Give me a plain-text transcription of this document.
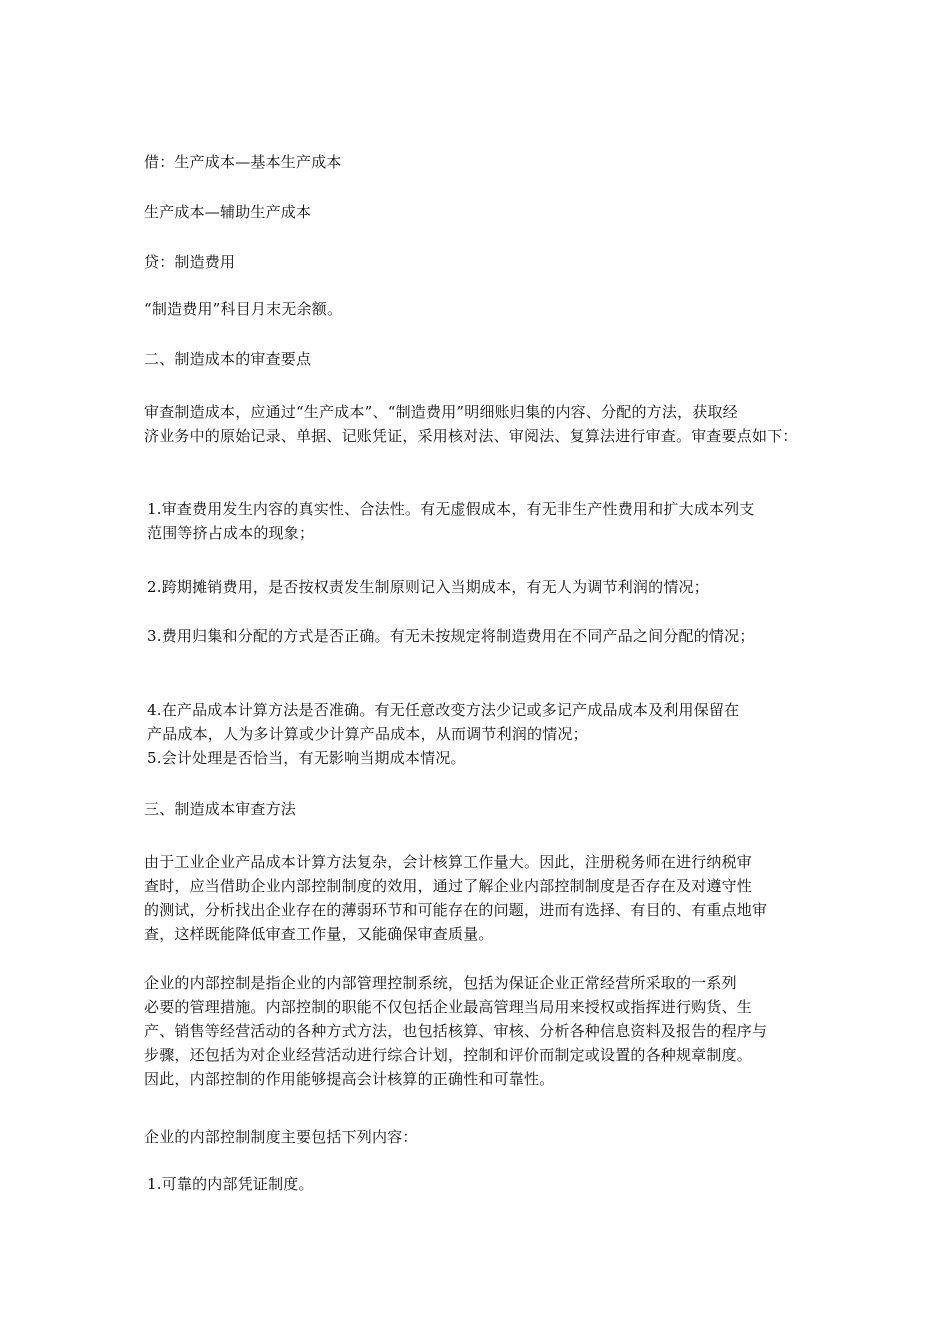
借：生产成本—基本生产成本
生产成本—辅助生产成本
贷：制造费用
“制造费用”科目月末无余额。
二、制造成本的审查要点
审查制造成本，应通过“生产成本”、“制造费用”明细账归集的内容、分配的方法，获取经
济业务中的原始记录、单据、记账凭证，采用核对法、审阅法、复算法进行审查。审查要点如下：
1.审查费用发生内容的真实性、合法性。有无虚假成本，有无非生产性费用和扩大成本列支
范围等挤占成本的现象；
2.跨期摊销费用，是否按权责发生制原则记入当期成本，有无人为调节利润的情况；
3.费用归集和分配的方式是否正确。有无未按规定将制造费用在不同产品之间分配的情况；
4.在产品成本计算方法是否准确。有无任意改变方法少记或多记产成品成本及利用保留在
产品成本，人为多计算或少计算产品成本，从而调节利润的情况；
5.会计处理是否恰当，有无影响当期成本情况。
三、制造成本审查方法
由于工业企业产品成本计算方法复杂，会计核算工作量大。因此，注册税务师在进行纳税审
查时，应当借助企业内部控制制度的效用，通过了解企业内部控制制度是否存在及对遵守性
的测试，分析找出企业存在的薄弱环节和可能存在的问题，进而有选择、有目的、有重点地审
查，这样既能降低审查工作量，又能确保审查质量。
企业的内部控制是指企业的内部管理控制系统，包括为保证企业正常经营所采取的一系列
必要的管理措施。内部控制的职能不仅包括企业最高管理当局用来授权或指挥进行购货、生
产、销售等经营活动的各种方式方法，也包括核算、审核、分析各种信息资料及报告的程序与
步骤，还包括为对企业经营活动进行综合计划，控制和评价而制定或设置的各种规章制度。
因此，内部控制的作用能够提高会计核算的正确性和可靠性。
企业的内部控制制度主要包括下列内容：
1.可靠的内部凭证制度。
